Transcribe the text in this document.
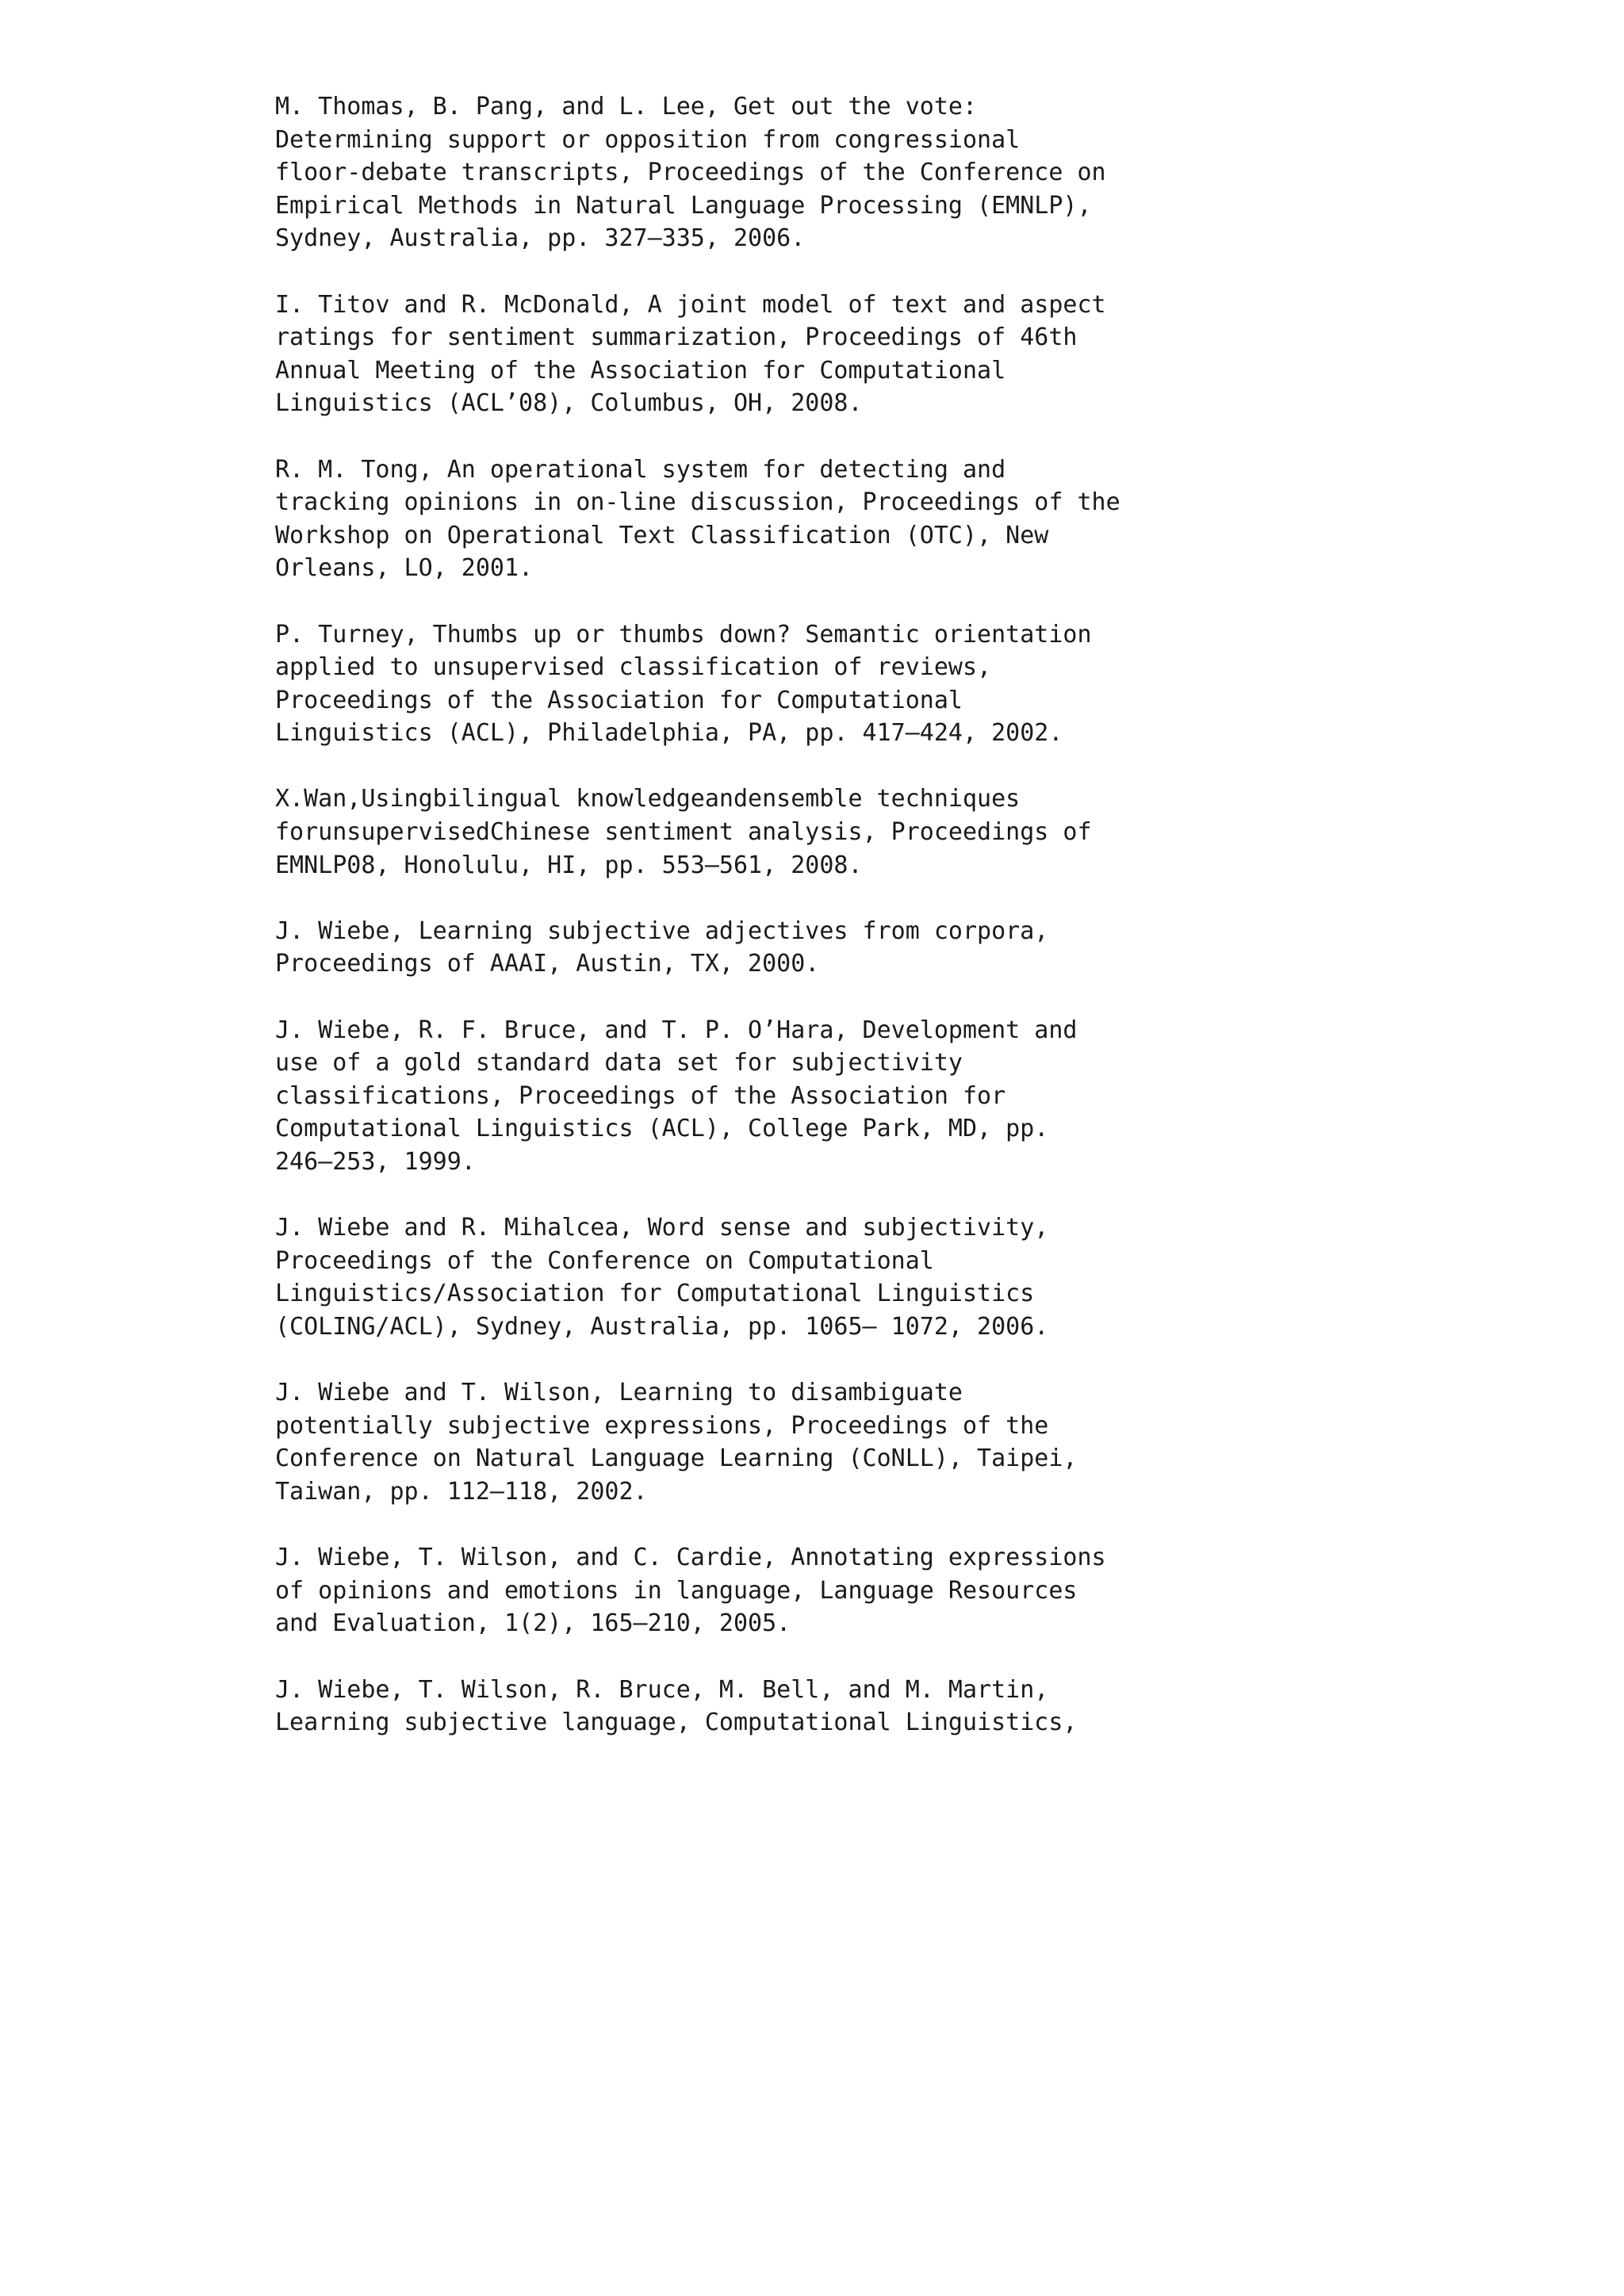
M. Thomas, B. Pang, and L. Lee, Get out the vote:
Determining support or opposition from congressional
floor-debate transcripts, Proceedings of the Conference on
Empirical Methods in Natural Language Processing (EMNLP),
Sydney, Australia, pp. 327–335, 2006.
I. Titov and R. McDonald, A joint model of text and aspect
ratings for sentiment summarization, Proceedings of 46th
Annual Meeting of the Association for Computational
Linguistics (ACL’08), Columbus, OH, 2008.
R. M. Tong, An operational system for detecting and
tracking opinions in on-line discussion, Proceedings of the
Workshop on Operational Text Classification (OTC), New
Orleans, LO, 2001.
P. Turney, Thumbs up or thumbs down? Semantic orientation
applied to unsupervised classification of reviews,
Proceedings of the Association for Computational
Linguistics (ACL), Philadelphia, PA, pp. 417–424, 2002.
X.Wan,Usingbilingual knowledgeandensemble techniques
forunsupervisedChinese sentiment analysis, Proceedings of
EMNLP08, Honolulu, HI, pp. 553–561, 2008.
J. Wiebe, Learning subjective adjectives from corpora,
Proceedings of AAAI, Austin, TX, 2000.
J. Wiebe, R. F. Bruce, and T. P. O’Hara, Development and
use of a gold standard data set for subjectivity
classifications, Proceedings of the Association for
Computational Linguistics (ACL), College Park, MD, pp.
246–253, 1999.
J. Wiebe and R. Mihalcea, Word sense and subjectivity,
Proceedings of the Conference on Computational
Linguistics/Association for Computational Linguistics
(COLING/ACL), Sydney, Australia, pp. 1065– 1072, 2006.
J. Wiebe and T. Wilson, Learning to disambiguate
potentially subjective expressions, Proceedings of the
Conference on Natural Language Learning (CoNLL), Taipei,
Taiwan, pp. 112–118, 2002.
J. Wiebe, T. Wilson, and C. Cardie, Annotating expressions
of opinions and emotions in language, Language Resources
and Evaluation, 1(2), 165–210, 2005.
J. Wiebe, T. Wilson, R. Bruce, M. Bell, and M. Martin,
Learning subjective language, Computational Linguistics,
